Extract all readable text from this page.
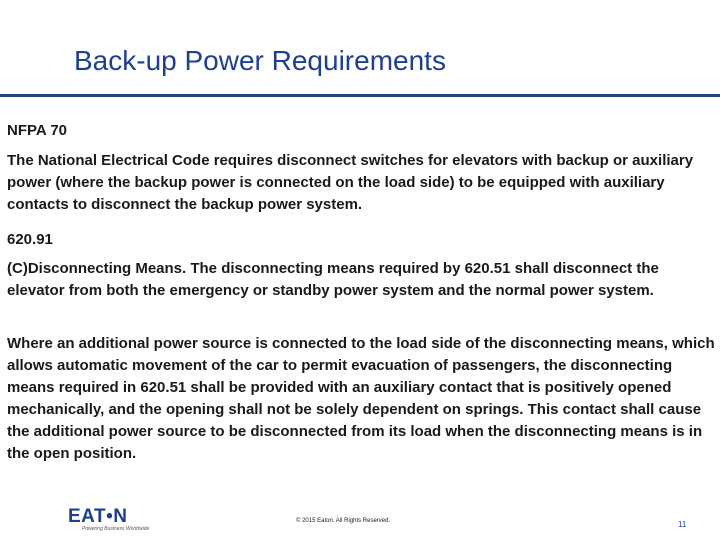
Back-up Power Requirements

NFPA 70

The National Electrical Code requires disconnect switches for elevators with backup or auxiliary power (where the backup power is connected on the load side) to be equipped with auxiliary contacts to disconnect the backup power system.

620.91

(C)Disconnecting Means. The disconnecting means required by 620.51 shall disconnect the elevator from both the emergency or standby power system and the normal power system.

Where an additional power source is connected to the load side of the disconnecting means, which allows automatic movement of the car to permit evacuation of passengers, the disconnecting means required in 620.51 shall be provided with an auxiliary contact that is positively opened mechanically, and the opening shall not be solely dependent on springs. This contact shall cause the additional power source to be disconnected from its load when the disconnecting means is in the open position.

EAT•N
Powering Business Worldwide
© 2015 Eaton. All Rights Reserved.	11
